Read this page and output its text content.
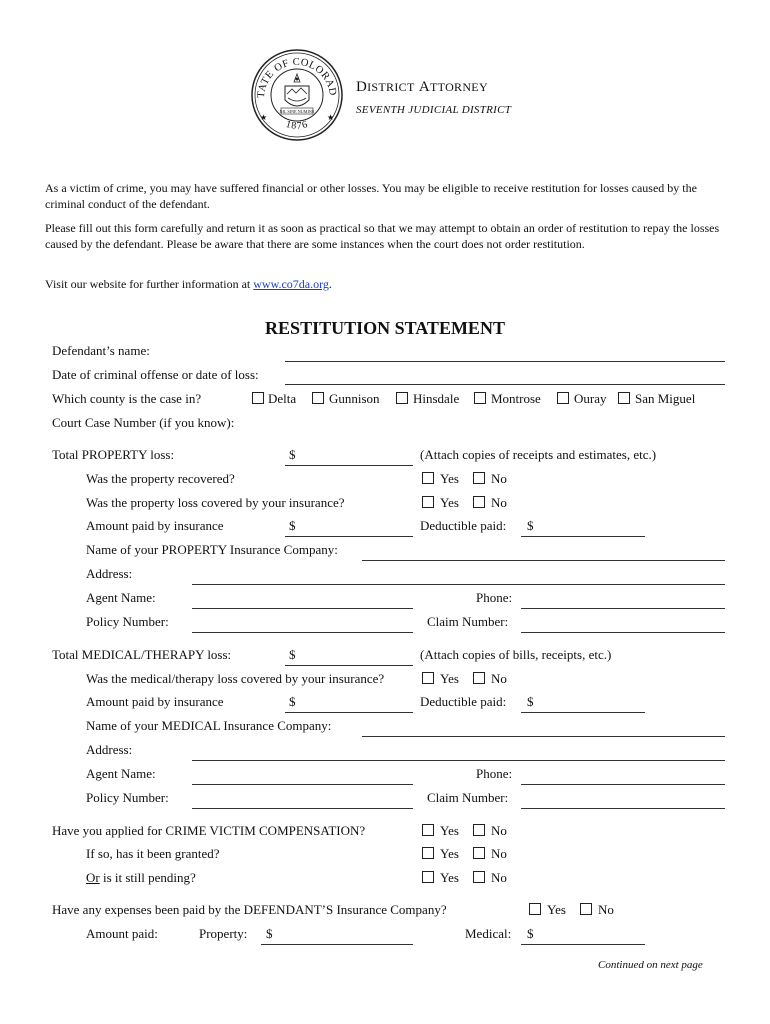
TATE OF COLORAD
1876
★	★
NIL SINE NUMINE
DISTRICT ATTORNEY
SEVENTH JUDICIAL DISTRICT
As a victim of crime, you may have suffered financial or other losses. You may be eligible to receive restitution for losses caused by the criminal conduct of the defendant.
Please fill out this form carefully and return it as soon as practical so that we may attempt to obtain an order of restitution to repay the losses caused by the defendant. Please be aware that there are some instances when the court does not order restitution.
Visit our website for further information at www.co7da.org.
RESTITUTION STATEMENT
Defendant’s name:
Date of criminal offense or date of loss:
Which county is the case in?	Delta	Gunnison	Hinsdale Montrose	Ouray San Miguel
Court Case Number (if you know):
Total PROPERTY loss:	$	(Attach copies of receipts and estimates, etc.)
Was the property recovered?	Yes No
Was the property loss covered by your insurance?	Yes No
Amount paid by insurance	$	Deductible paid: $
Name of your PROPERTY Insurance Company:
Address:
Agent Name:	Phone:
Policy Number:	Claim Number:
Total MEDICAL/THERAPY loss:	$	(Attach copies of bills, receipts, etc.)
Was the medical/therapy loss covered by your insurance?	Yes No
Amount paid by insurance	$	Deductible paid: $
Name of your MEDICAL Insurance Company:
Address:
Agent Name:	Phone:
Policy Number:	Claim Number:
Have you applied for CRIME VICTIM COMPENSATION?	Yes No
If so, has it been granted?	Yes No
Or is it still pending?	Yes No
Have any expenses been paid by the DEFENDANT’S Insurance Company?	Yes No
Amount paid:	Property: $	Medical: $
Continued on next page
